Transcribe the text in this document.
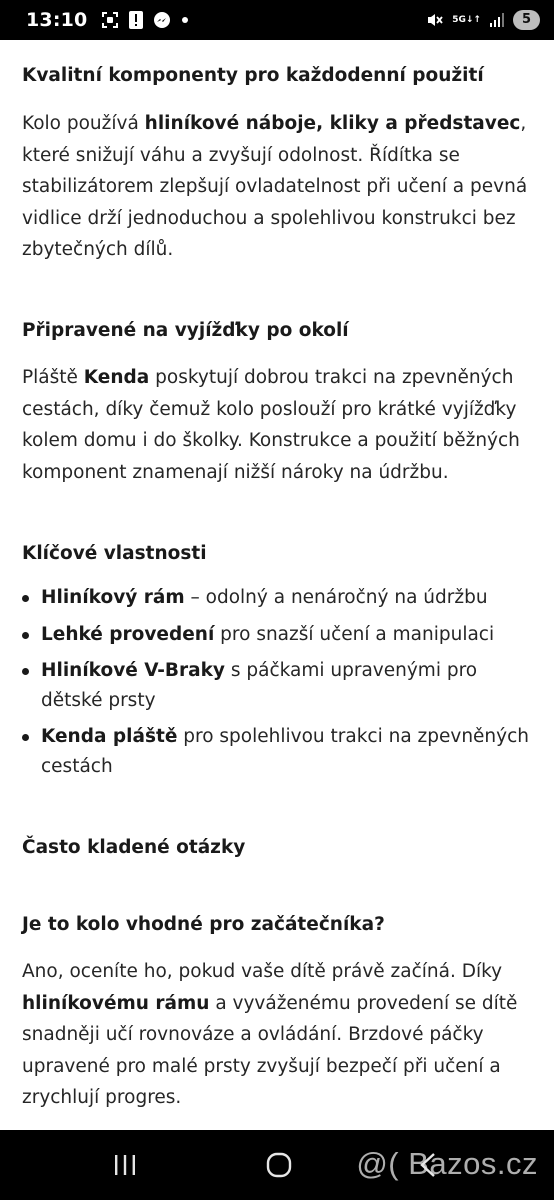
13:10	5G ↓↑	5
Kvalitní komponenty pro každodenní použití

Kolo používá hliníkové náboje, kliky a představec, které snižují váhu a zvyšují odolnost. Řídítka se stabilizátorem zlepšují ovladatelnost při učení a pevná vidlice drží jednoduchou a spolehlivou konstrukci bez zbytečných dílů.

Připravené na vyjížďky po okolí

Pláště Kenda poskytují dobrou trakci na zpevněných cestách, díky čemuž kolo poslouží pro krátké vyjížďky kolem domu i do školky. Konstrukce a použití běžných komponent znamenají nižší nároky na údržbu.

Klíčové vlastnosti
Hliníkový rám – odolný a nenáročný na údržbu
Lehké provedení pro snazší učení a manipulaci
Hliníkové V-Braky s páčkami upravenými pro dětské prsty
Kenda pláště pro spolehlivou trakci na zpevněných cestách
Často kladené otázky
Je to kolo vhodné pro začátečníka?

Ano, oceníte ho, pokud vaše dítě právě začíná. Díky hliníkovému rámu a vyváženému provedení se dítě snadněji učí rovnováze a ovládání. Brzdové páčky upravené pro malé prsty zvyšují bezpečí při učení a zrychlují progres.

@( Bazos.cz
